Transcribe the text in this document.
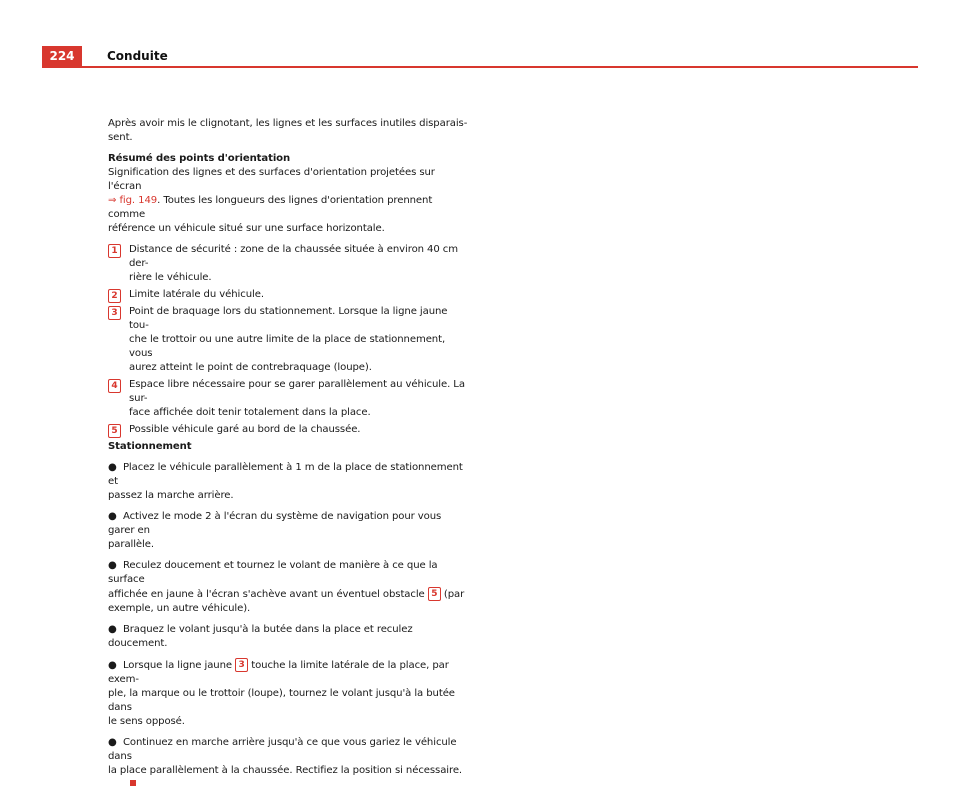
224	Conduite

Après avoir mis le clignotant, les lignes et les surfaces inutiles disparais-
sent.

Résumé des points d'orientation

Signification des lignes et des surfaces d'orientation projetées sur l'écran
⇒ fig. 149. Toutes les longueurs des lignes d'orientation prennent comme
référence un véhicule situé sur une surface horizontale.

1	Distance de sécurité : zone de la chaussée située à environ 40 cm der-
rière le véhicule.

2	Limite latérale du véhicule.

3	Point de braquage lors du stationnement. Lorsque la ligne jaune tou-
che le trottoir ou une autre limite de la place de stationnement, vous
aurez atteint le point de contrebraquage (loupe).

4	Espace libre nécessaire pour se garer parallèlement au véhicule. La sur-
face affichée doit tenir totalement dans la place.

5	Possible véhicule garé au bord de la chaussée.

Stationnement

● Placez le véhicule parallèlement à 1 m de la place de stationnement et
passez la marche arrière.

● Activez le mode 2 à l'écran du système de navigation pour vous garer en
parallèle.

● Reculez doucement et tournez le volant de manière à ce que la surface
affichée en jaune à l'écran s'achève avant un éventuel obstacle 5 (par
exemple, un autre véhicule).

● Braquez le volant jusqu'à la butée dans la place et reculez doucement.

● Lorsque la ligne jaune 3 touche la limite latérale de la place, par exem-
ple, la marque ou le trottoir (loupe), tournez le volant jusqu'à la butée dans
le sens opposé.

● Continuez en marche arrière jusqu'à ce que vous gariez le véhicule dans
la place parallèlement à la chaussée. Rectifiez la position si nécessaire.
